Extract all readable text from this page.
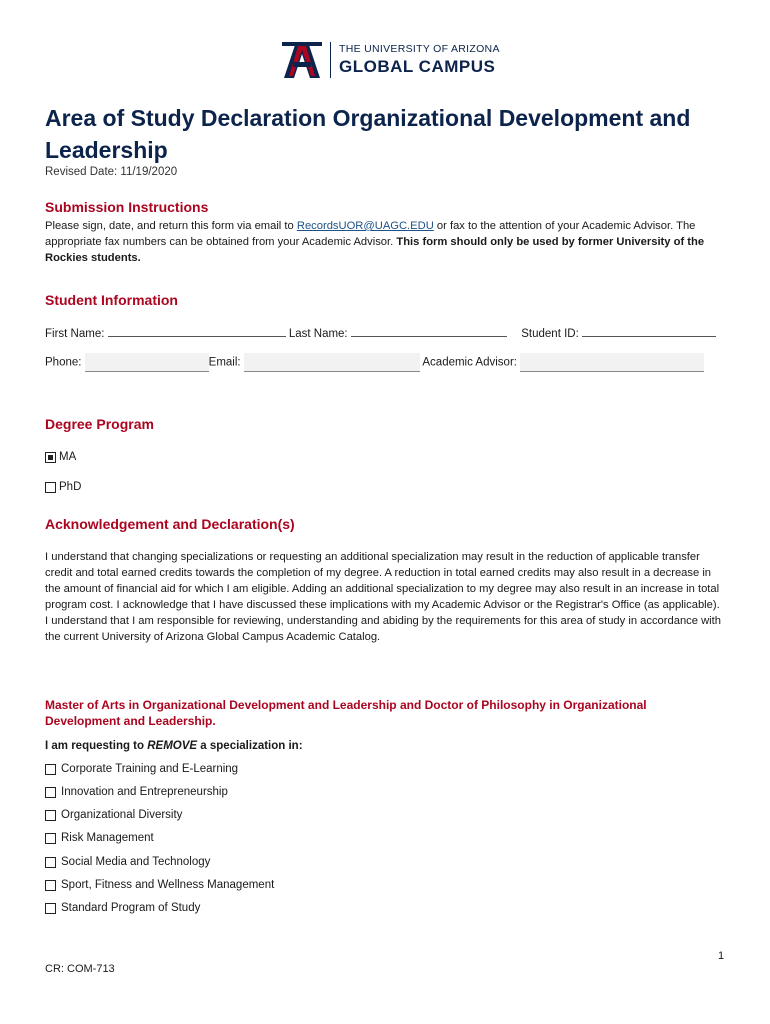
THE UNIVERSITY OF ARIZONA
GLOBAL CAMPUS
Area of Study Declaration Organizational Development and Leadership
Revised Date: 11/19/2020
Submission Instructions
Please sign, date, and return this form via email to RecordsUOR@UAGC.EDU or fax to the attention of your Academic Advisor. The appropriate fax numbers can be obtained from your Academic Advisor. This form should only be used by former University of the Rockies students.
Student Information
First Name:	Last Name:	Student ID:
Phone:	Email:	Academic Advisor:
Degree Program
MA
PhD
Acknowledgement and Declaration(s)
I understand that changing specializations or requesting an additional specialization may result in the reduction of applicable transfer credit and total earned credits towards the completion of my degree. A reduction in total earned credits may also result in a decrease in the amount of financial aid for which I am eligible. Adding an additional specialization to my degree may also result in an increase in total program cost. I acknowledge that I have discussed these implications with my Academic Advisor or the Registrar's Office (as applicable). I understand that I am responsible for reviewing, understanding and abiding by the requirements for this area of study in accordance with the current University of Arizona Global Campus Academic Catalog.
Master of Arts in Organizational Development and Leadership and Doctor of Philosophy in Organizational Development and Leadership.
I am requesting to REMOVE a specialization in:
Corporate Training and E-Learning
Innovation and Entrepreneurship
Organizational Diversity
Risk Management
Social Media and Technology
Sport, Fitness and Wellness Management
Standard Program of Study
1
CR: COM-713
